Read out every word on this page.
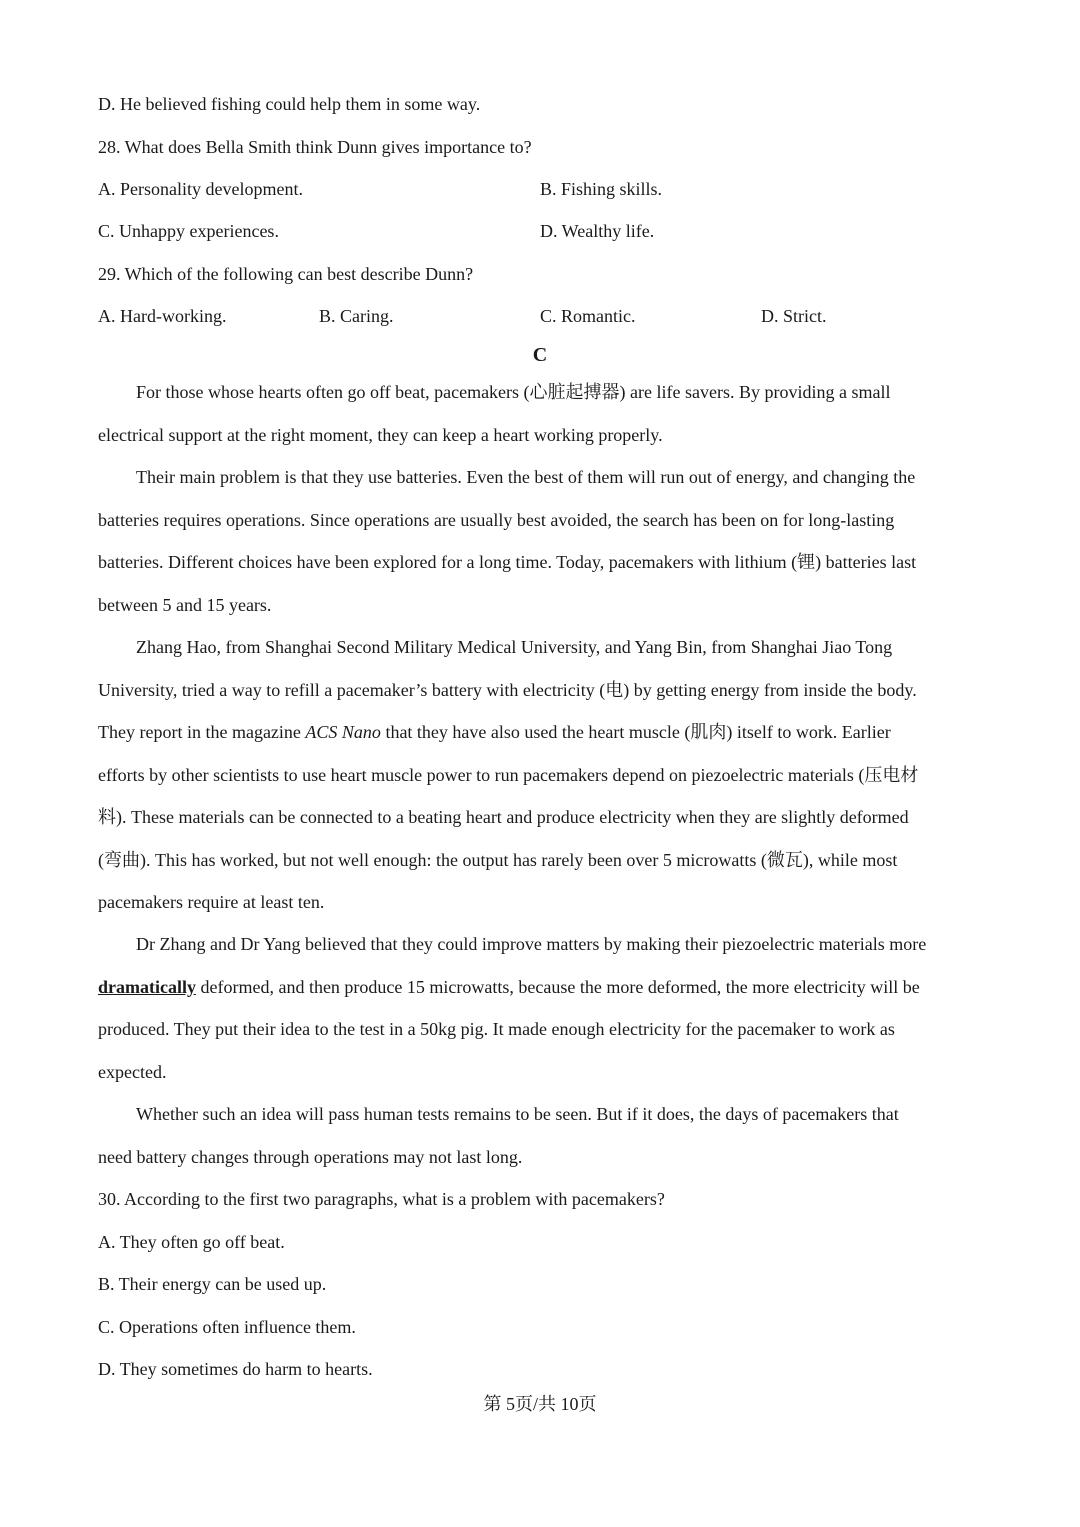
D. He believed fishing could help them in some way.
28. What does Bella Smith think Dunn gives importance to?
A. Personality development.	B. Fishing skills.
C. Unhappy experiences.	D. Wealthy life.
29. Which of the following can best describe Dunn?
A. Hard-working.	B. Caring.	C. Romantic.	D. Strict.
C
For those whose hearts often go off beat, pacemakers (心脏起搏器) are life savers. By providing a small
electrical support at the right moment, they can keep a heart working properly.
Their main problem is that they use batteries. Even the best of them will run out of energy, and changing the
batteries requires operations. Since operations are usually best avoided, the search has been on for long-lasting
batteries. Different choices have been explored for a long time. Today, pacemakers with lithium (锂) batteries last
between 5 and 15 years.
Zhang Hao, from Shanghai Second Military Medical University, and Yang Bin, from Shanghai Jiao Tong
University, tried a way to refill a pacemaker’s battery with electricity (电) by getting energy from inside the body.
They report in the magazine ACS Nano that they have also used the heart muscle (肌肉) itself to work. Earlier
efforts by other scientists to use heart muscle power to run pacemakers depend on piezoelectric materials (压电材
料). These materials can be connected to a beating heart and produce electricity when they are slightly deformed
(弯曲). This has worked, but not well enough: the output has rarely been over 5 microwatts (微瓦), while most
pacemakers require at least ten.
Dr Zhang and Dr Yang believed that they could improve matters by making their piezoelectric materials more
dramatically deformed, and then produce 15 microwatts, because the more deformed, the more electricity will be
produced. They put their idea to the test in a 50kg pig. It made enough electricity for the pacemaker to work as
expected.
Whether such an idea will pass human tests remains to be seen. But if it does, the days of pacemakers that
need battery changes through operations may not last long.
30. According to the first two paragraphs, what is a problem with pacemakers?
A. They often go off beat.
B. Their energy can be used up.
C. Operations often influence them.
D. They sometimes do harm to hearts.
第 5页/共 10页
